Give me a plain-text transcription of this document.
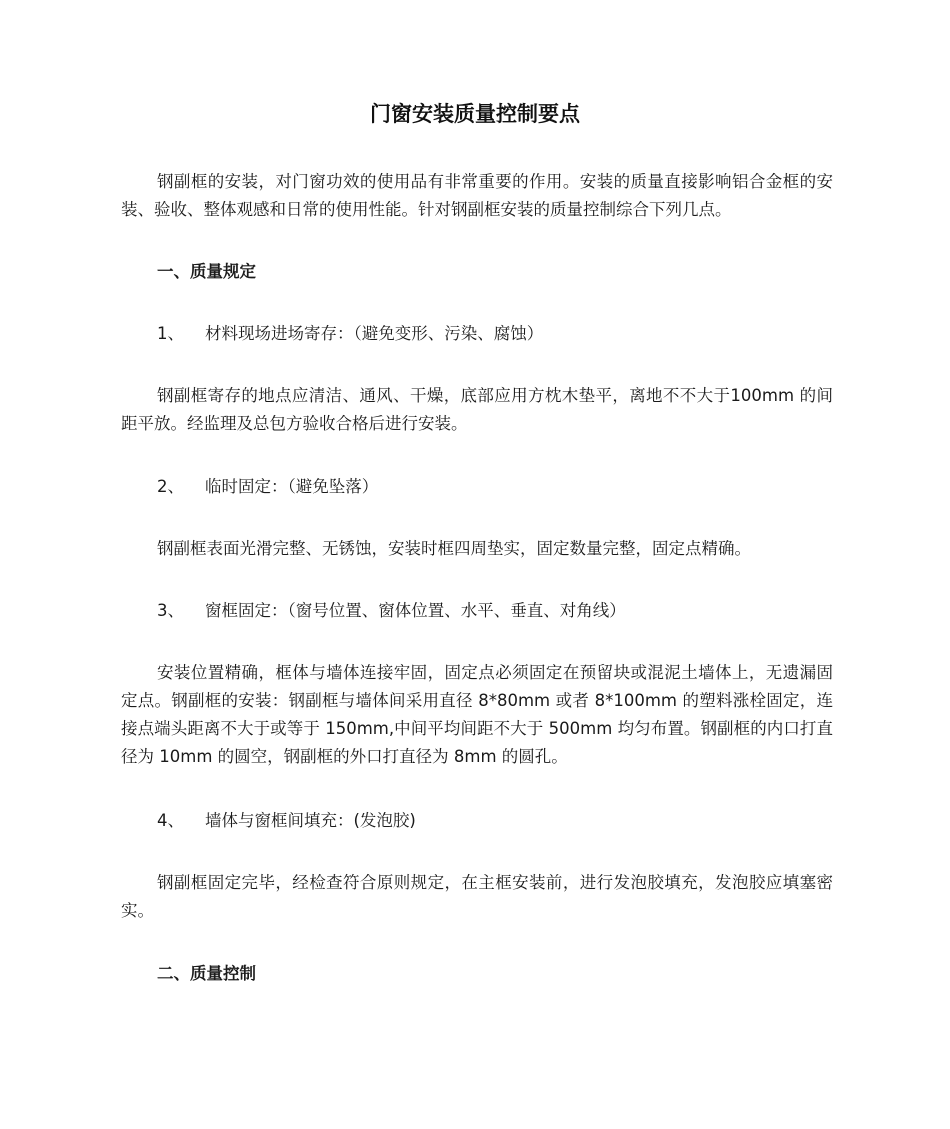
门窗安装质量控制要点

钢副框的安装，对门窗功效的使用品有非常重要的作用。安装的质量直接影响铝合金框的安装、验收、整体观感和日常的使用性能。针对钢副框安装的质量控制综合下列几点。

一、质量规定

1、 材料现场进场寄存：（避免变形、污染、腐蚀）

钢副框寄存的地点应清洁、通风、干燥，底部应用方枕木垫平，离地不不大于100mm 的间距平放。经监理及总包方验收合格后进行安装。

2、 临时固定：（避免坠落）

钢副框表面光滑完整、无锈蚀，安装时框四周垫实，固定数量完整，固定点精确。

3、 窗框固定：（窗号位置、窗体位置、水平、垂直、对角线）

安装位置精确，框体与墙体连接牢固，固定点必须固定在预留块或混泥土墙体上，无遗漏固定点。钢副框的安装：钢副框与墙体间采用直径 8*80mm 或者 8*100mm 的塑料涨栓固定，连接点端头距离不大于或等于 150mm,中间平均间距不大于 500mm 均匀布置。钢副框的内口打直径为 10mm 的圆空，钢副框的外口打直径为 8mm 的圆孔。

4、 墙体与窗框间填充：(发泡胶)

钢副框固定完毕，经检查符合原则规定，在主框安装前，进行发泡胶填充，发泡胶应填塞密实。

二、质量控制
